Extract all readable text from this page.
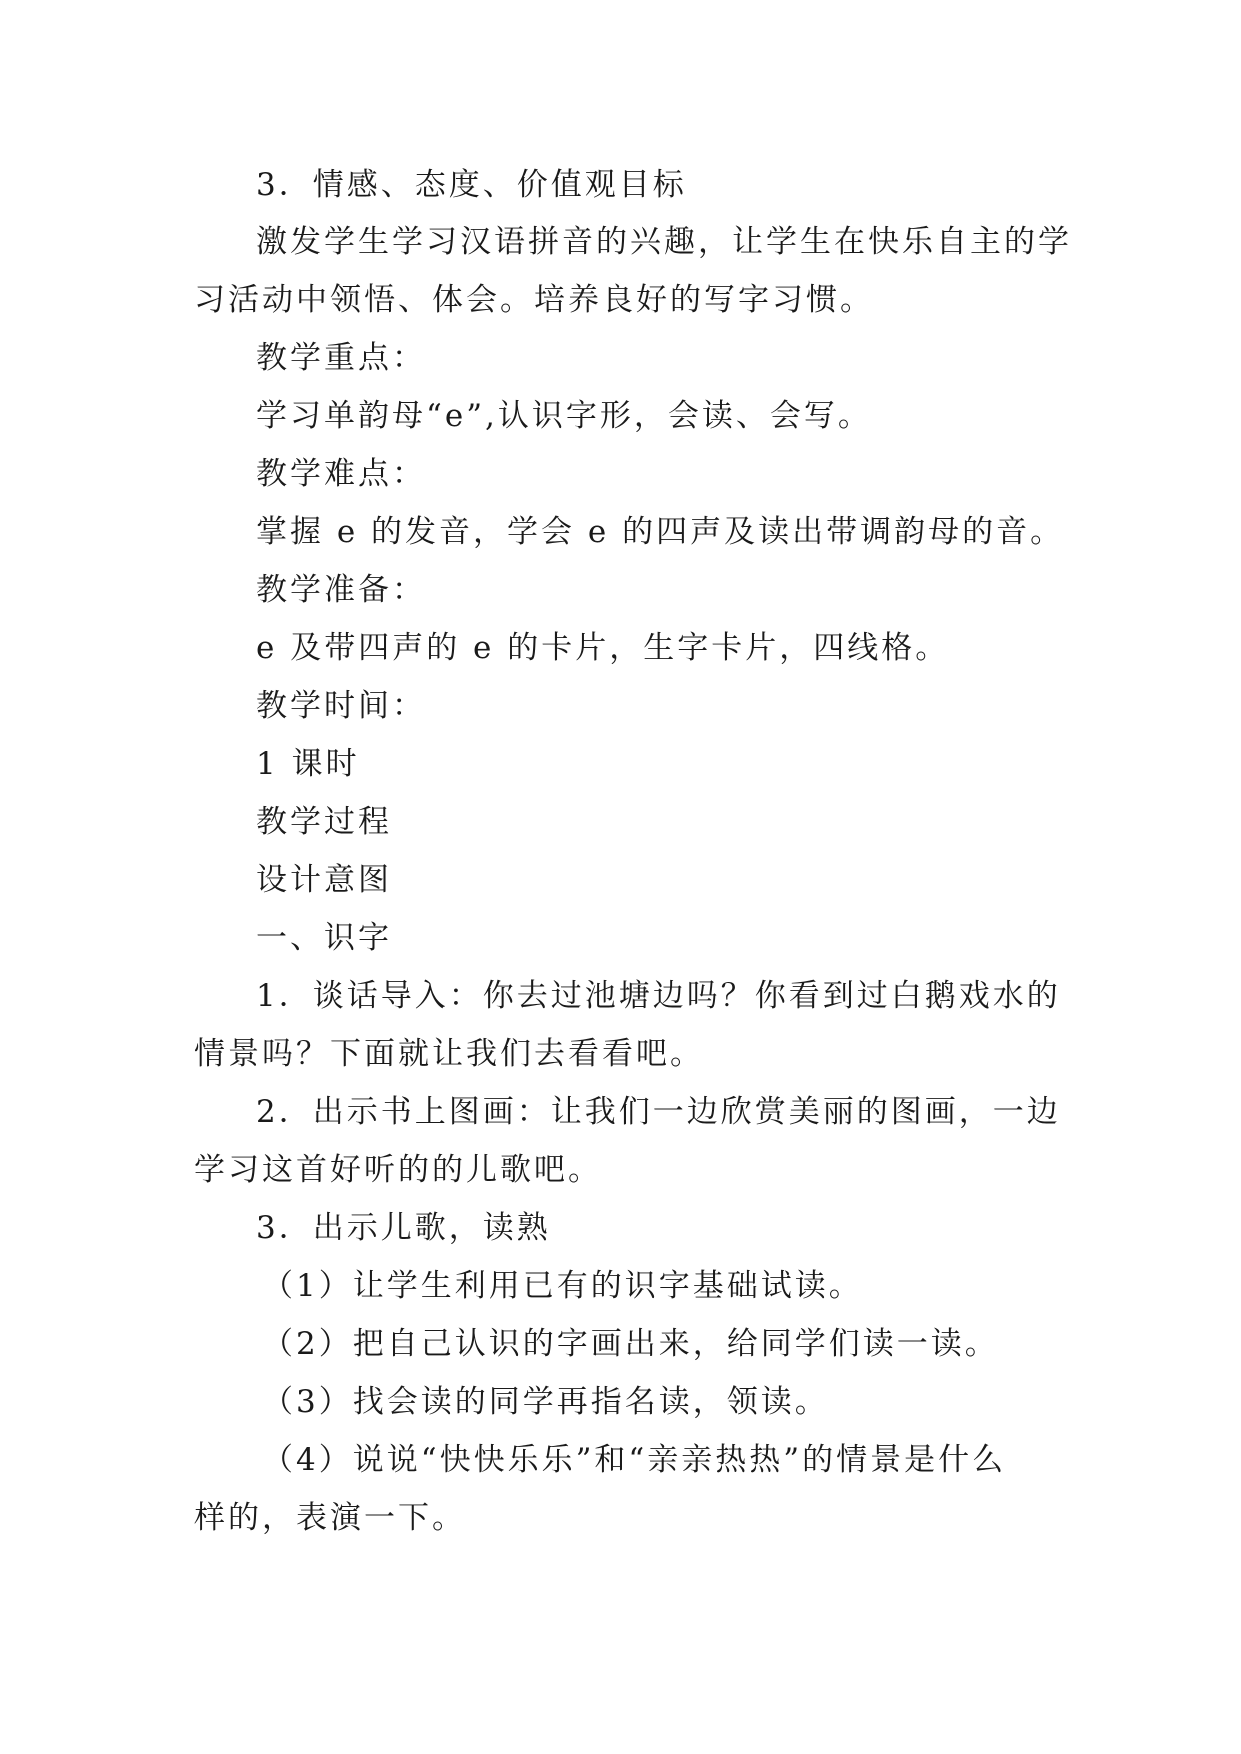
3．情感、态度、价值观目标
激发学生学习汉语拼音的兴趣，让学生在快乐自主的学
习活动中领悟、体会。培养良好的写字习惯。
教学重点：
学习单韵母“e”,认识字形，会读、会写。
教学难点：
掌握 e 的发音，学会 e 的四声及读出带调韵母的音。
教学准备：
e 及带四声的 e 的卡片，生字卡片，四线格。
教学时间：
1 课时
教学过程
设计意图
一、识字
1．谈话导入：你去过池塘边吗？你看到过白鹅戏水的
情景吗？下面就让我们去看看吧。
2．出示书上图画：让我们一边欣赏美丽的图画，一边
学习这首好听的的儿歌吧。
3．出示儿歌，读熟
（1）让学生利用已有的识字基础试读。
（2）把自己认识的字画出来，给同学们读一读。
（3）找会读的同学再指名读，领读。
（4）说说“快快乐乐”和“亲亲热热”的情景是什么
样的，表演一下。
